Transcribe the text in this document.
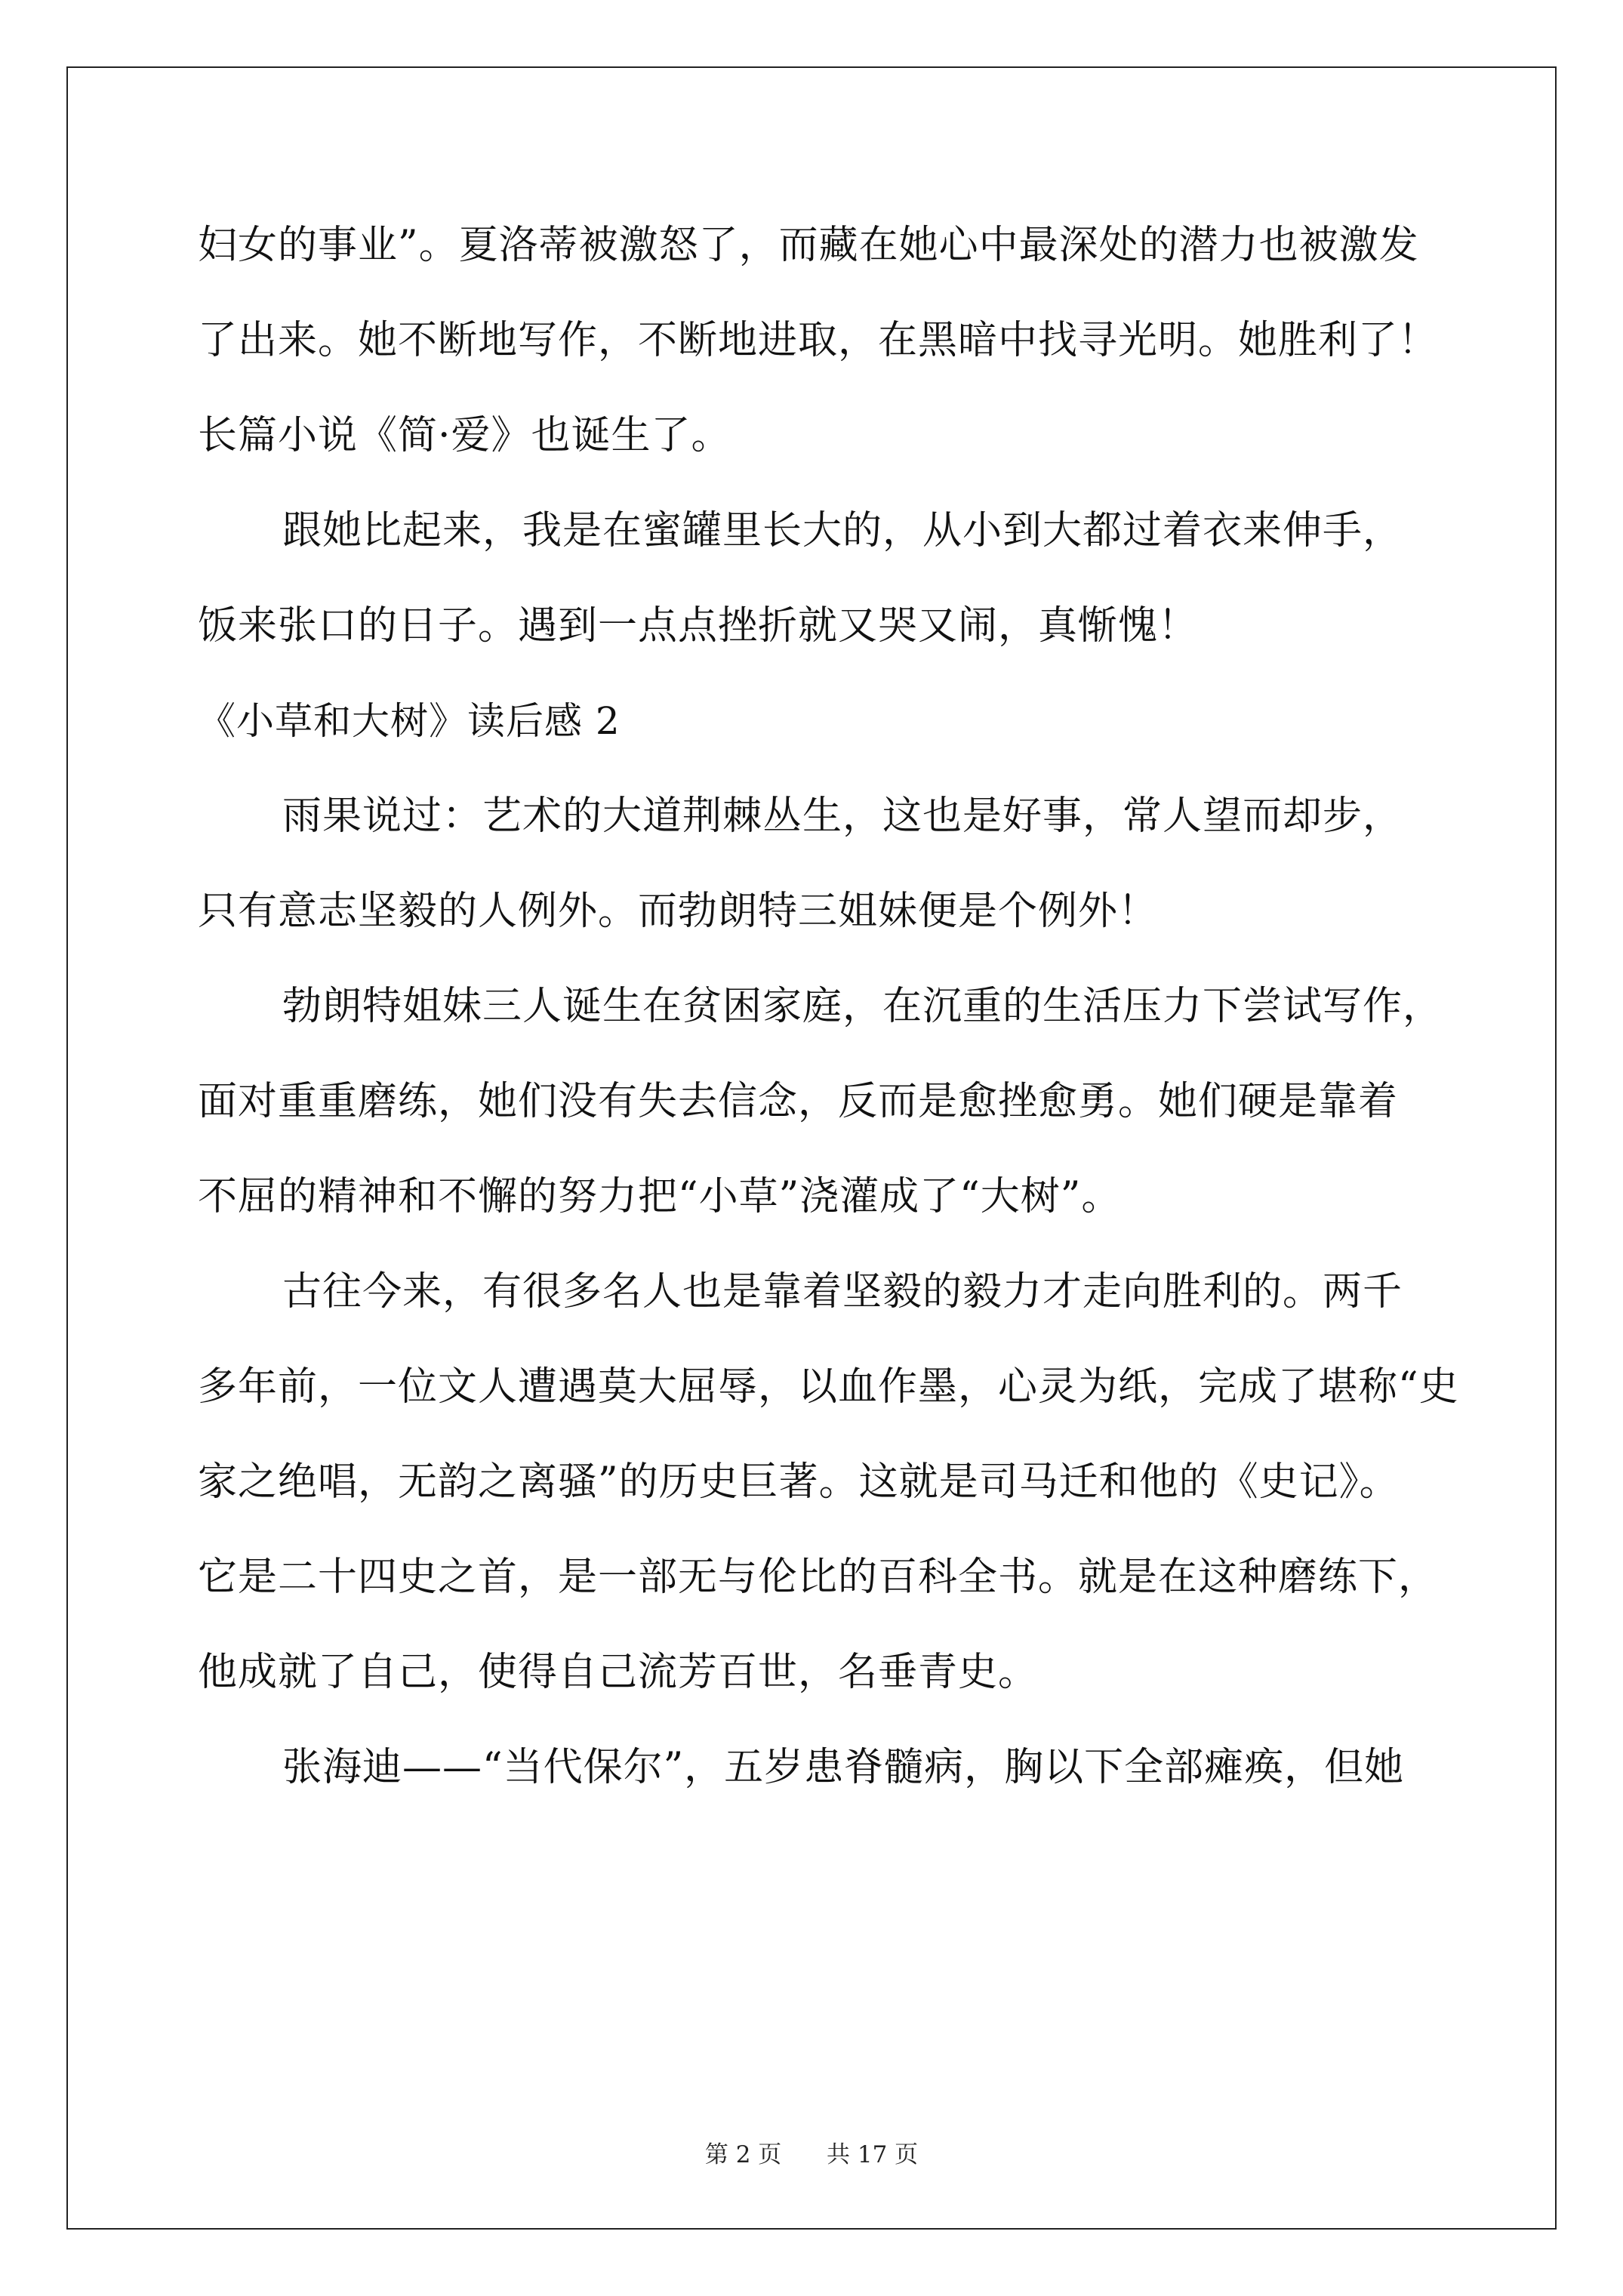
妇女的事业”。夏洛蒂被激怒了，而藏在她心中最深处的潜力也被激发
了出来。她不断地写作，不断地进取，在黑暗中找寻光明。她胜利了！
长篇小说《简·爱》也诞生了。
跟她比起来，我是在蜜罐里长大的，从小到大都过着衣来伸手，
饭来张口的日子。遇到一点点挫折就又哭又闹，真惭愧！
《小草和大树》读后感 2
雨果说过：艺术的大道荆棘丛生，这也是好事，常人望而却步，
只有意志坚毅的人例外。而勃朗特三姐妹便是个例外！
勃朗特姐妹三人诞生在贫困家庭，在沉重的生活压力下尝试写作，
面对重重磨练，她们没有失去信念，反而是愈挫愈勇。她们硬是靠着
不屈的精神和不懈的努力把“小草”浇灌成了“大树”。
古往今来，有很多名人也是靠着坚毅的毅力才走向胜利的。两千
多年前，一位文人遭遇莫大屈辱，以血作墨，心灵为纸，完成了堪称“史
家之绝唱，无韵之离骚”的历史巨著。这就是司马迁和他的《史记》。
它是二十四史之首，是一部无与伦比的百科全书。就是在这种磨练下，
他成就了自己，使得自己流芳百世，名垂青史。
张海迪——“当代保尔”，五岁患脊髓病，胸以下全部瘫痪，但她
第 2 页 共 17 页
